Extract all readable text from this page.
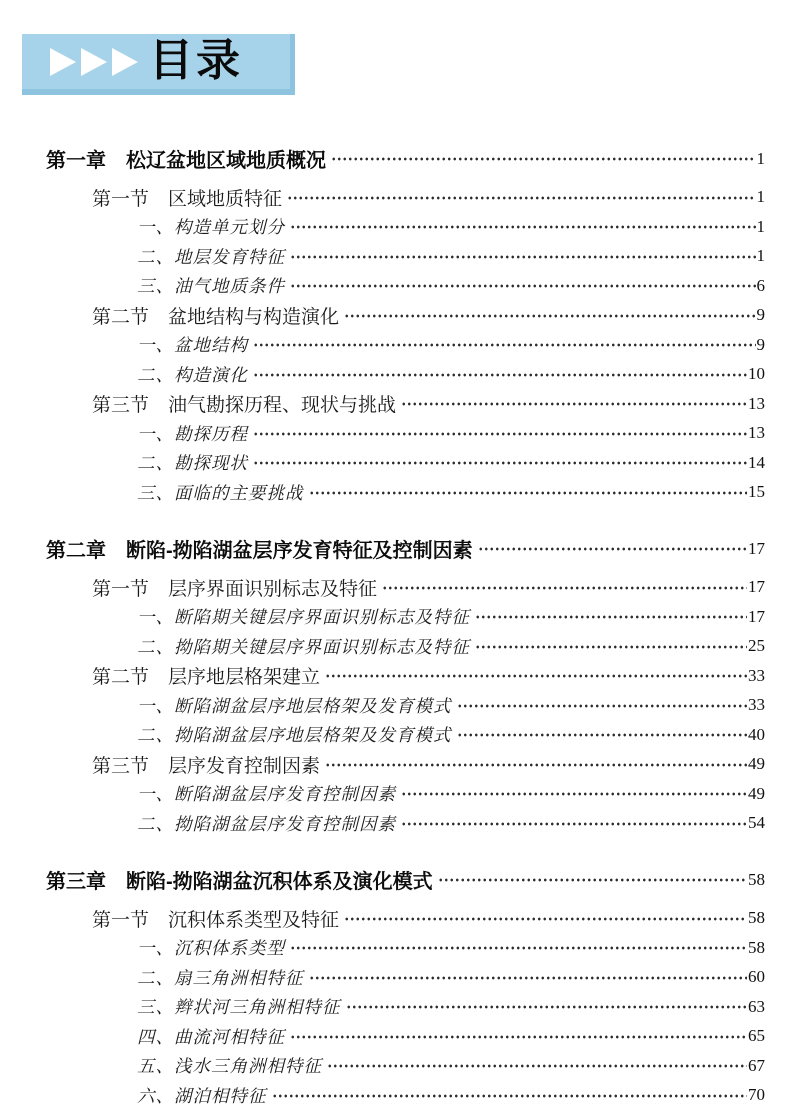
目录
第一章　松辽盆地区域地质概况	1
第一节　区域地质特征	1
一、构造单元划分	1
二、地层发育特征	1
三、油气地质条件	6
第二节　盆地结构与构造演化	9
一、盆地结构	9
二、构造演化	10
第三节　油气勘探历程、现状与挑战	13
一、勘探历程	13
二、勘探现状	14
三、面临的主要挑战	15
第二章　断陷-拗陷湖盆层序发育特征及控制因素	17
第一节　层序界面识别标志及特征	17
一、断陷期关键层序界面识别标志及特征	17
二、拗陷期关键层序界面识别标志及特征	25
第二节　层序地层格架建立	33
一、断陷湖盆层序地层格架及发育模式	33
二、拗陷湖盆层序地层格架及发育模式	40
第三节　层序发育控制因素	49
一、断陷湖盆层序发育控制因素	49
二、拗陷湖盆层序发育控制因素	54
第三章　断陷-拗陷湖盆沉积体系及演化模式	58
第一节　沉积体系类型及特征	58
一、沉积体系类型	58
二、扇三角洲相特征	60
三、辫状河三角洲相特征	63
四、曲流河相特征	65
五、浅水三角洲相特征	67
六、湖泊相特征	70
